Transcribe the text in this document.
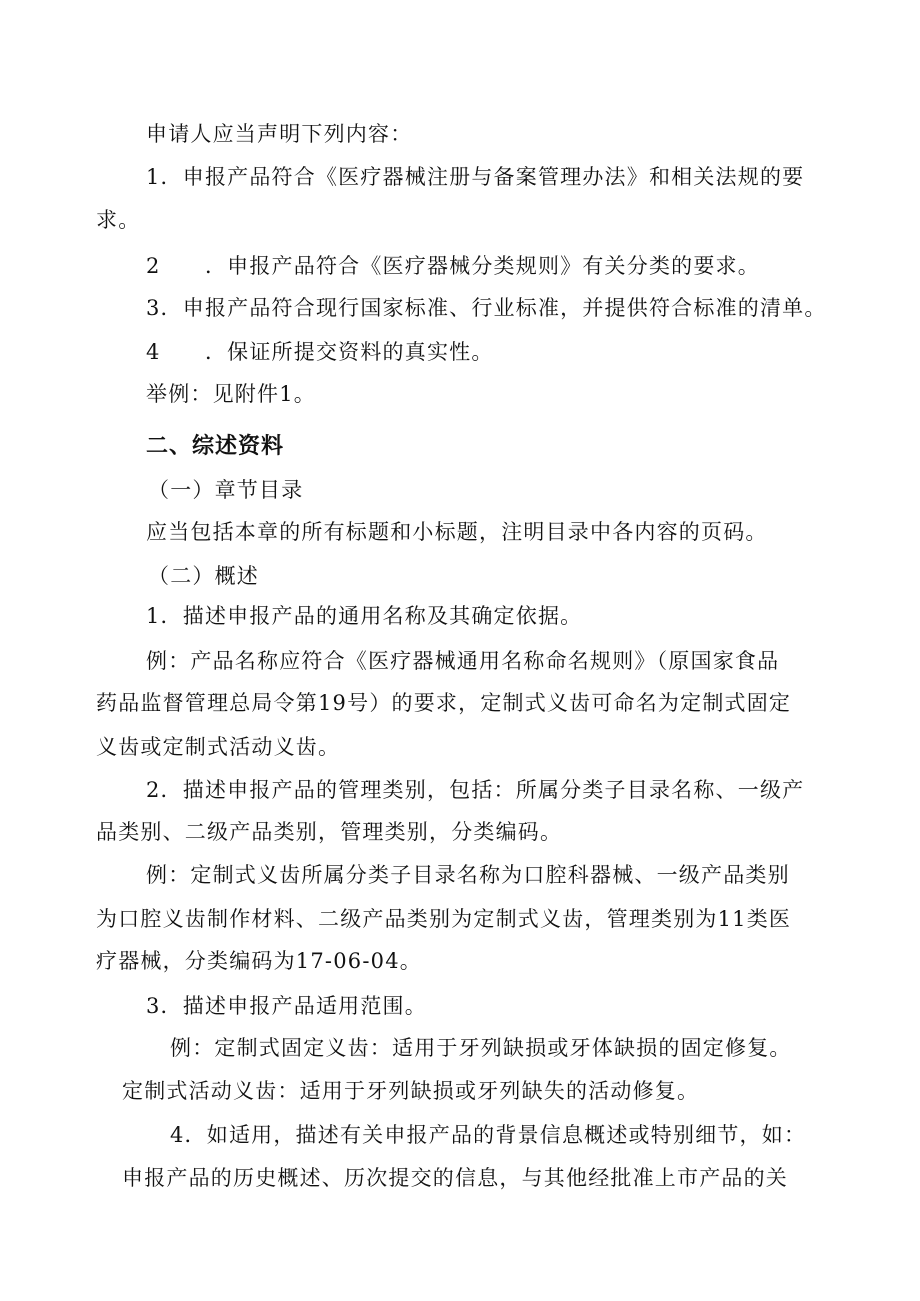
申请人应当声明下列内容：

1．申报产品符合《医疗器械注册与备案管理办法》和相关法规的要

求。

2　　．申报产品符合《医疗器械分类规则》有关分类的要求。

3．申报产品符合现行国家标准、行业标准，并提供符合标准的清单。

4　　．保证所提交资料的真实性。

举例：见附件1。

二、综述资料

（一）章节目录

应当包括本章的所有标题和小标题，注明目录中各内容的页码。

（二）概述

1．描述申报产品的通用名称及其确定依据。

例：产品名称应符合《医疗器械通用名称命名规则》（原国家食品

药品监督管理总局令第19号）的要求，定制式义齿可命名为定制式固定

义齿或定制式活动义齿。

2．描述申报产品的管理类别，包括：所属分类子目录名称、一级产

品类别、二级产品类别，管理类别，分类编码。

例：定制式义齿所属分类子目录名称为口腔科器械、一级产品类别

为口腔义齿制作材料、二级产品类别为定制式义齿，管理类别为11类医

疗器械，分类编码为17-06-04。

3．描述申报产品适用范围。

例：定制式固定义齿：适用于牙列缺损或牙体缺损的固定修复。

定制式活动义齿：适用于牙列缺损或牙列缺失的活动修复。

4．如适用，描述有关申报产品的背景信息概述或特别细节，如：

申报产品的历史概述、历次提交的信息，与其他经批准上市产品的关
